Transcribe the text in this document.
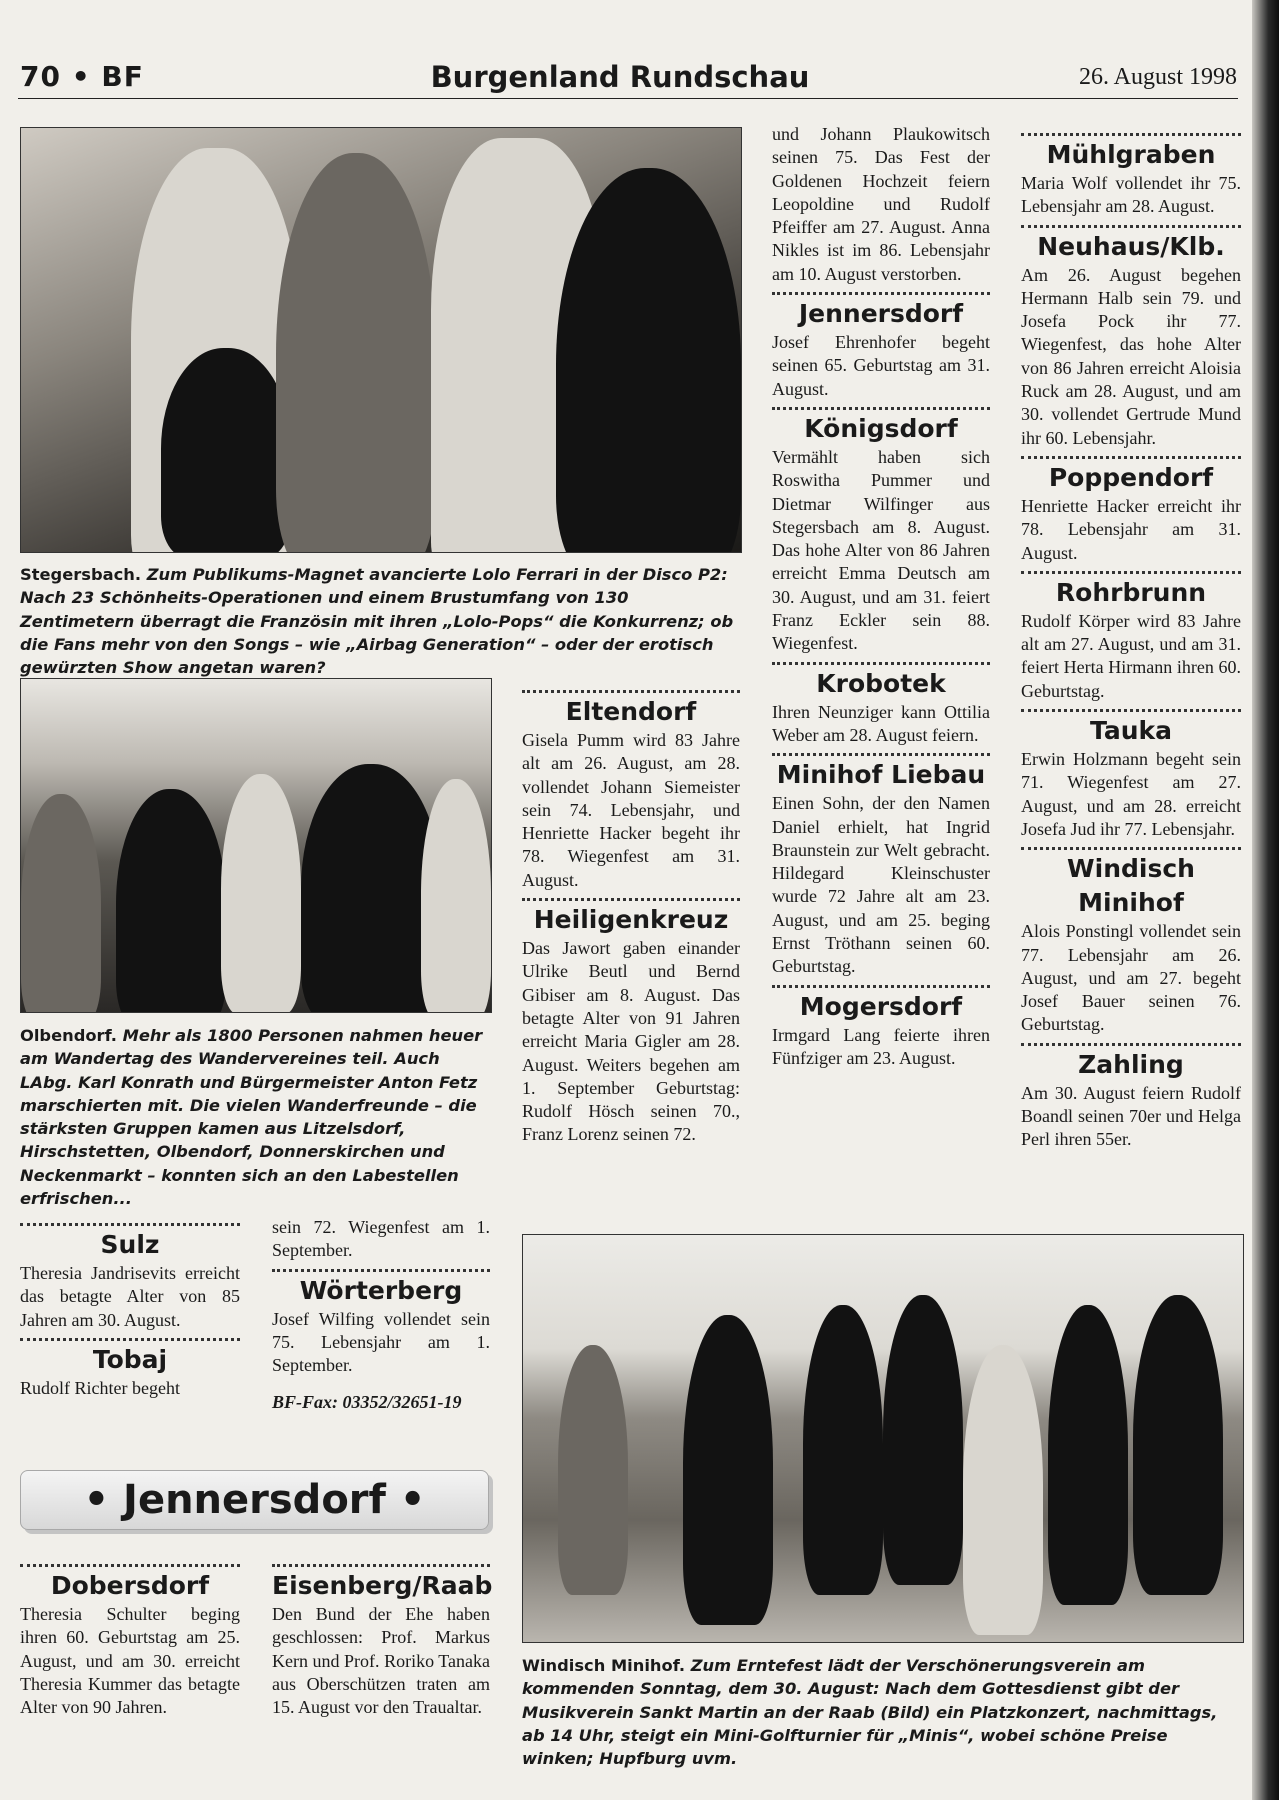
70 • BF	Burgenland Rundschau	26. August 1998
Stegersbach. Zum Publikums-Magnet avancierte Lolo Ferrari in der Disco P2: Nach 23 Schönheits-Operationen und einem Brustumfang von 130 Zentimetern überragt die Französin mit ihren „Lolo-Pops“ die Konkurrenz; ob die Fans mehr von den Songs – wie „Airbag Generation“ – oder der erotisch gewürzten Show angetan waren?
Olbendorf. Mehr als 1800 Personen nahmen heuer am Wandertag des Wandervereines teil. Auch LAbg. Karl Konrath und Bürgermeister Anton Fetz marschierten mit. Die vielen Wanderfreunde – die stärksten Gruppen kamen aus Litzelsdorf, Hirschstetten, Olbendorf, Donnerskirchen und Neckenmarkt – konnten sich an den Labestellen erfrischen...

und Johann Plaukowitsch seinen 75. Das Fest der Goldenen Hochzeit feiern Leopoldine und Rudolf Pfeiffer am 27. August. Anna Nikles ist im 86. Lebensjahr am 10. August verstorben.

Jennersdorf

Josef Ehrenhofer begeht seinen 65. Geburtstag am 31. August.

Königsdorf

Vermählt haben sich Roswitha Pummer und Dietmar Wilfinger aus Stegersbach am 8. August. Das hohe Alter von 86 Jahren erreicht Emma Deutsch am 30. August, und am 31. feiert Franz Eckler sein 88. Wiegenfest.

Krobotek

Ihren Neunziger kann Ottilia Weber am 28. August feiern.

Minihof Liebau

Einen Sohn, der den Namen Daniel erhielt, hat Ingrid Braunstein zur Welt gebracht. Hildegard Kleinschuster wurde 72 Jahre alt am 23. August, und am 25. beging Ernst Tröthann seinen 60. Geburtstag.

Mogersdorf

Irmgard Lang feierte ihren Fünfziger am 23. August.

Eltendorf

Gisela Pumm wird 83 Jahre alt am 26. August, am 28. vollendet Johann Siemeister sein 74. Lebensjahr, und Henriette Hacker begeht ihr 78. Wiegenfest am 31. August.

Heiligenkreuz

Das Jawort gaben einander Ulrike Beutl und Bernd Gibiser am 8. August. Das betagte Alter von 91 Jahren erreicht Maria Gigler am 28. August. Weiters begehen am 1. September Geburtstag: Rudolf Hösch seinen 70., Franz Lorenz seinen 72.

Mühlgraben

Maria Wolf vollendet ihr 75. Lebensjahr am 28. August.

Neuhaus/Klb.

Am 26. August begehen Hermann Halb sein 79. und Josefa Pock ihr 77. Wiegenfest, das hohe Alter von 86 Jahren erreicht Aloisia Ruck am 28. August, und am 30. vollendet Gertrude Mund ihr 60. Lebensjahr.

Poppendorf

Henriette Hacker erreicht ihr 78. Lebensjahr am 31. August.

Rohrbrunn

Rudolf Körper wird 83 Jahre alt am 27. August, und am 31. feiert Herta Hirmann ihren 60. Geburtstag.

Tauka

Erwin Holzmann begeht sein 71. Wiegenfest am 27. August, und am 28. erreicht Josefa Jud ihr 77. Lebensjahr.

Windisch Minihof

Alois Ponstingl vollendet sein 77. Lebensjahr am 26. August, und am 27. begeht Josef Bauer seinen 76. Geburtstag.

Zahling

Am 30. August feiern Rudolf Boandl seinen 70er und Helga Perl ihren 55er.

Windisch Minihof. Zum Erntefest lädt der Verschönerungsverein am kommenden Sonntag, dem 30. August: Nach dem Gottesdienst gibt der Musikverein Sankt Martin an der Raab (Bild) ein Platzkonzert, nachmittags, ab 14 Uhr, steigt ein Mini-Golfturnier für „Minis“, wobei schöne Preise winken; Hupfburg uvm.
Sulz

Theresia Jandrisevits erreicht das betagte Alter von 85 Jahren am 30. August.

Tobaj

Rudolf Richter begeht

sein 72. Wiegenfest am 1. September.

Wörterberg

Josef Wilfing vollendet sein 75. Lebensjahr am 1. September.

BF-Fax: 03352/32651-19

• Jennersdorf •
Dobersdorf

Theresia Schulter beging ihren 60. Geburtstag am 25. August, und am 30. erreicht Theresia Kummer das betagte Alter von 90 Jahren.

Eisenberg/Raab

Den Bund der Ehe haben geschlossen: Prof. Markus Kern und Prof. Roriko Tanaka aus Oberschützen traten am 15. August vor den Traualtar.
